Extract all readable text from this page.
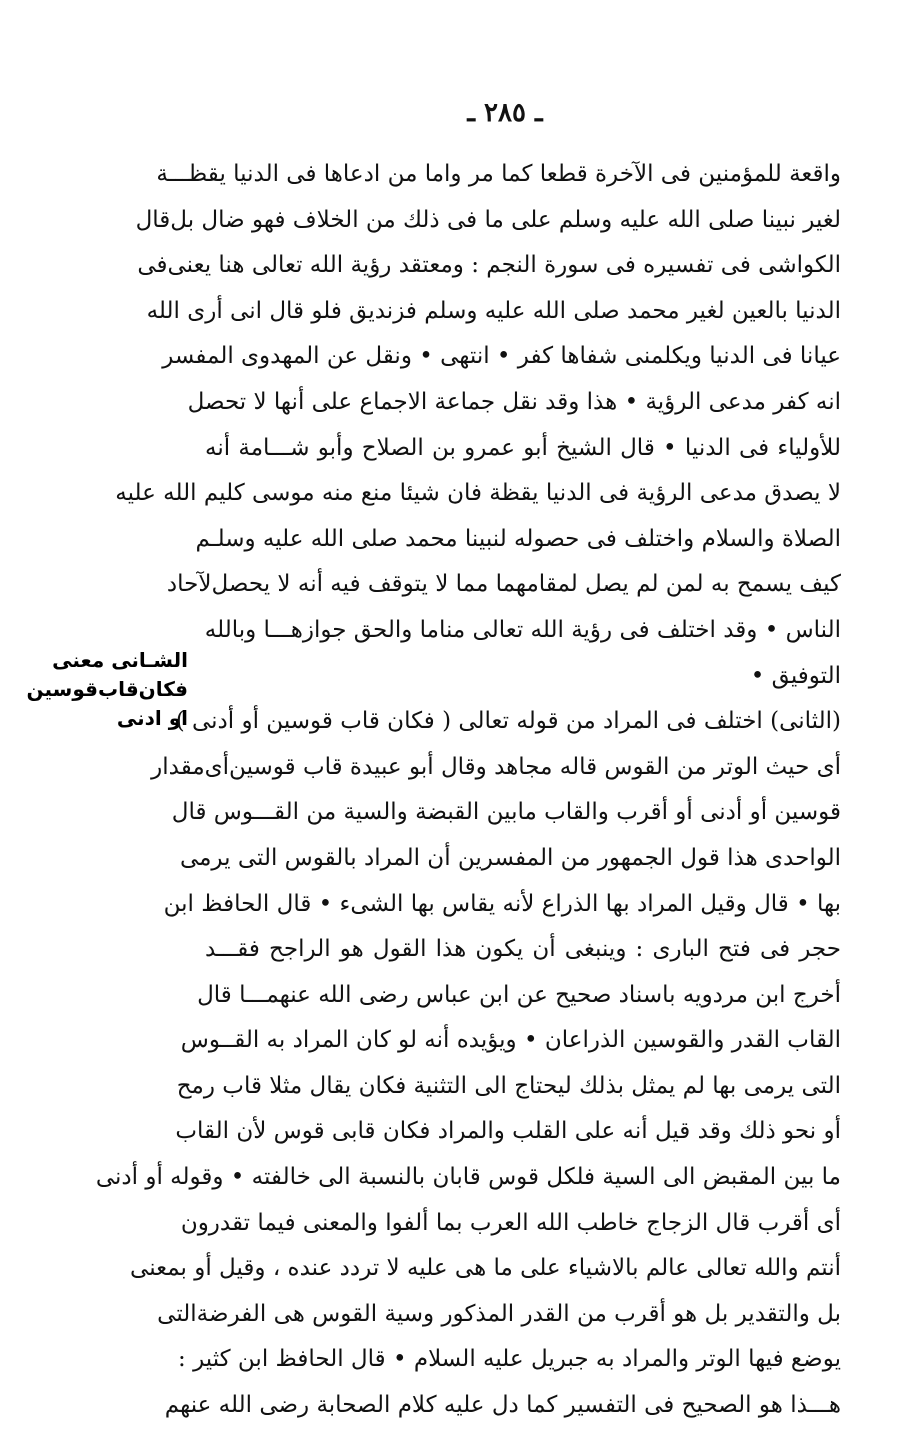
ـ ٢٨٥ ـ
الشـانى معنى
فكان‌قاب‌قوسين
او ادنى
واقعة للمؤمنين فى الآخرة قطعا كما مر واما من ادعاها فى الدنيا يقظـــة
لغير نبينا صلى الله عليه وسلم على ما فى ذلك من الخلاف فهو ضال بل‌قال
الكواشى فى تفسيره فى سورة النجم : ومعتقد رؤية الله تعالى هنا يعنى‌فى
الدنيا بالعين لغير محمد صلى الله عليه وسلم فزنديق فلو قال انى أرى الله
عيانا فى الدنيا ويكلمنى شفاها كفر • انتهى • ونقل عن المهدوى المفسر
انه كفر مدعى الرؤية • هذا وقد نقل جماعة الاجماع على أنها لا تحصل
للأولياء فى الدنيا • قال الشيخ أبو عمرو بن الصلاح وأبو شـــامة أنه
لا يصدق مدعى الرؤية فى الدنيا يقظة فان شيئا منع منه موسى كليم الله عليه
الصلاة والسلام واختلف فى حصوله لنبينا محمد صلى الله عليه وسلـم
كيف يسمح به لمن لم يصل لمقامهما مما لا يتوقف فيه أنه لا يحصل‌لآحاد
الناس • وقد اختلف فى رؤية الله تعالى مناما والحق جوازهـــا وبالله
التوفيق •
(الثانى) اختلف فى المراد من قوله تعالى ( فكان قاب قوسين أو أدنى )
أى حيث الوتر من القوس قاله مجاهد وقال أبو عبيدة قاب قوسين‌أى‌مقدار
قوسين أو أدنى أو أقرب والقاب مابين القبضة والسية من القـــوس قال
الواحدى هذا قول الجمهور من المفسرين أن المراد بالقوس التى يرمى
بها • قال وقيل المراد بها الذراع لأنه يقاس بها الشىء • قال الحافظ ابن
حجر فى فتح البارى : وينبغى أن يكون هذا القول هو الراجح فقـــد
أخرج ابن مردويه باسناد صحيح عن ابن عباس رضى الله عنهمـــا قال
القاب القدر والقوسين الذراعان • ويؤيده أنه لو كان المراد به القــوس
التى يرمى بها لم يمثل بذلك ليحتاج الى التثنية فكان يقال مثلا قاب رمح
أو نحو ذلك وقد قيل أنه على القلب والمراد فكان قابى قوس لأن القاب
ما بين المقبض الى السية فلكل قوس قابان بالنسبة الى خالفته • وقوله أو أدنى
أى أقرب قال الزجاج خاطب الله العرب بما ألفوا والمعنى فيما تقدرون
أنتم والله تعالى عالم بالاشياء على ما هى عليه لا تردد عنده ، وقيل أو بمعنى
بل والتقدير بل هو أقرب من القدر المذكور وسية القوس هى الفرضةالتى
يوضع فيها الوتر والمراد به جبريل عليه السلام • قال الحافظ ابن كثير :
هـــذا هو الصحيح فى التفسير كما دل عليه كلام الصحابة رضى الله عنهم
